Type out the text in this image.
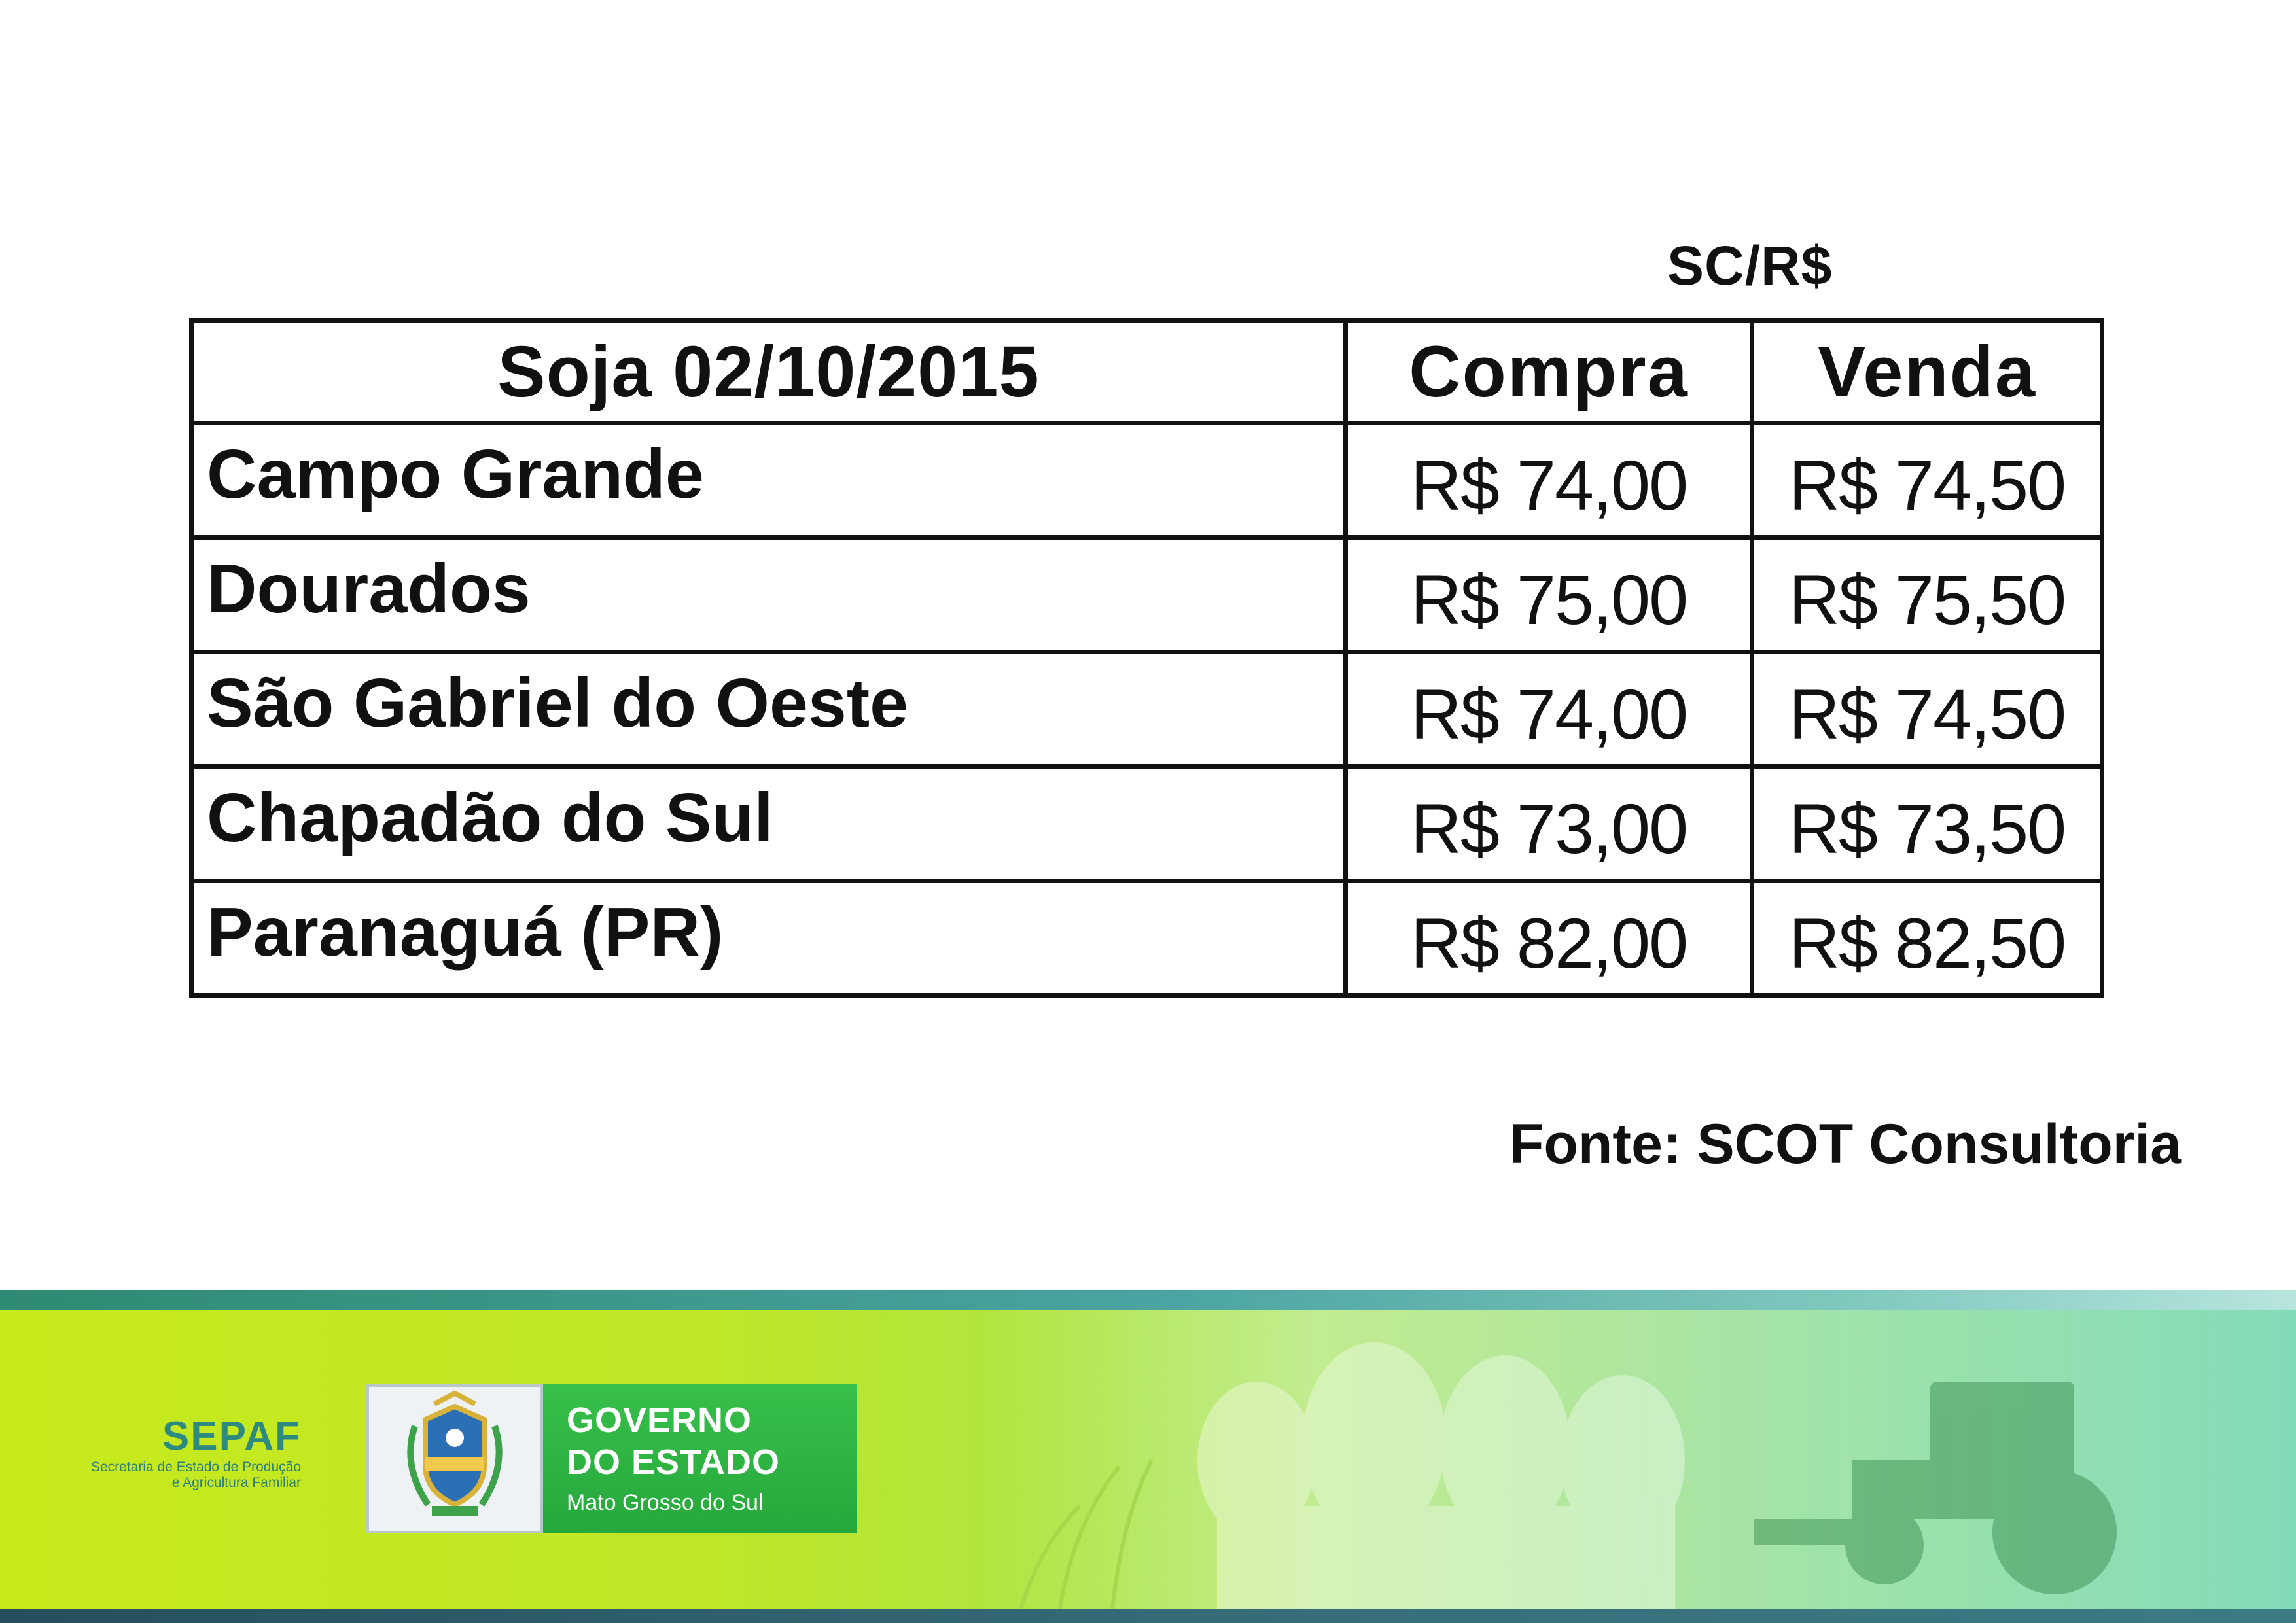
SC/R$
Soja 02/10/2015	Compra	Venda
Campo Grande	R$ 74,00	R$ 74,50
Dourados	R$ 75,00	R$ 75,50
São Gabriel do Oeste	R$ 74,00	R$ 74,50
Chapadão do Sul	R$ 73,00	R$ 73,50
Paranaguá (PR)	R$ 82,00	R$ 82,50
Fonte: SCOT Consultoria
SEPAF
Secretaria de Estado de Produção
e Agricultura Familiar
GOVERNO
DO ESTADO
Mato Grosso do Sul
